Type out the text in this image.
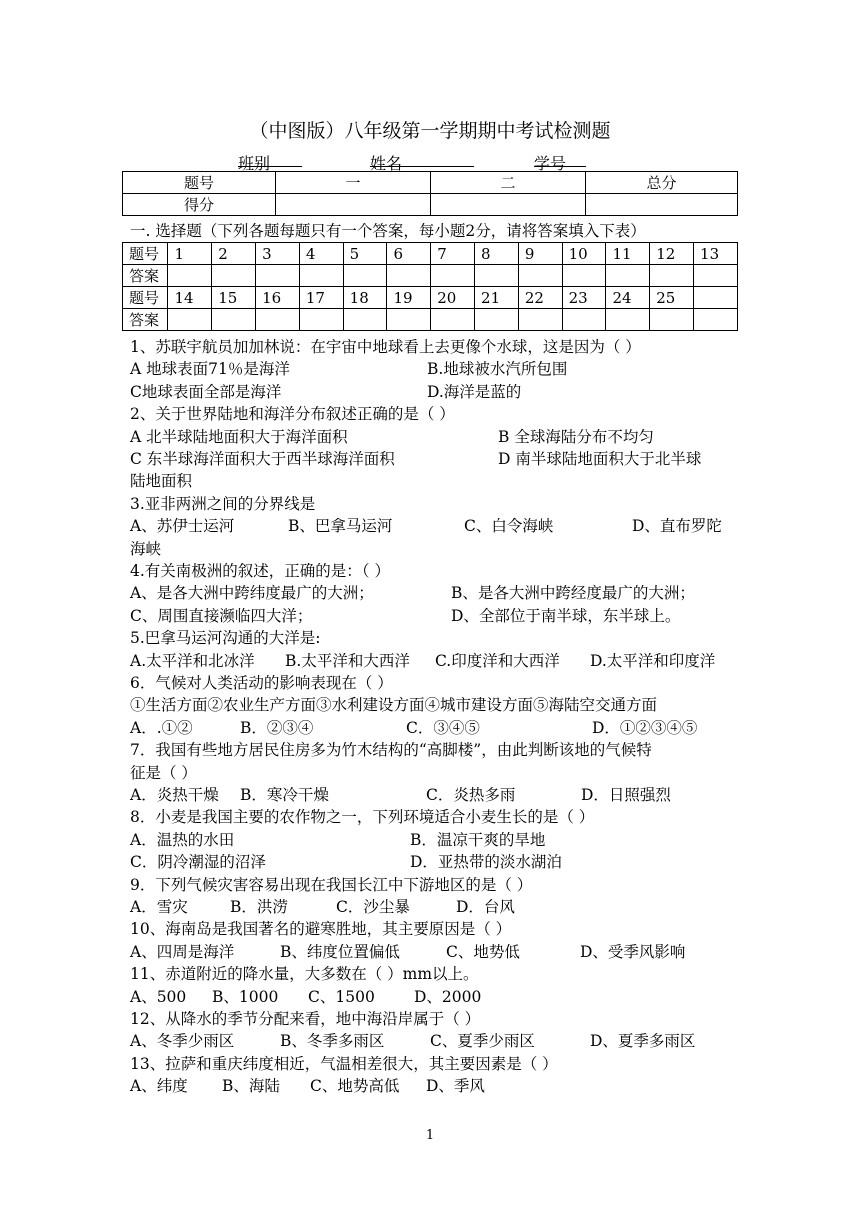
（中图版）八年级第一学期期中考试检测题
班别	姓名	学号
题号	一	二	总分
得分			
一. 选择题（下列各题每题只有一个答案，每小题2分，请将答案填入下表）
题号	1	2	3	4	5	6	7	8	9	10	11	12	13
答案													
题号	14	15	16	17	18	19	20	21	22	23	24	25	
答案													
1、苏联宇航员加加林说：在宇宙中地球看上去更像个水球，这是因为（ ）
A 地球表面71％是海洋	B.地球被水汽所包围
C地球表面全部是海洋	D.海洋是蓝的
2、关于世界陆地和海洋分布叙述正确的是（ ）
A 北半球陆地面积大于海洋面积	B 全球海陆分布不均匀
C 东半球海洋面积大于西半球海洋面积	D 南半球陆地面积大于北半球
陆地面积
3.亚非两洲之间的分界线是
A、苏伊士运河	B、巴拿马运河	C、白令海峡	D、直布罗陀
海峡
4.有关南极洲的叙述，正确的是：（ ）
A、是各大洲中跨纬度最广的大洲；	B、是各大洲中跨经度最广的大洲；
C、周围直接濒临四大洋；	D、全部位于南半球，东半球上。
5.巴拿马运河沟通的大洋是:
A.太平洋和北冰洋 B.太平洋和大西洋 C.印度洋和大西洋 D.太平洋和印度洋
6．气候对人类活动的影响表现在（ ）
①生活方面②农业生产方面③水利建设方面④城市建设方面⑤海陆空交通方面
A．.①②	B．②③④	C．③④⑤	D．①②③④⑤
7．我国有些地方居民住房多为竹木结构的“高脚楼”，由此判断该地的气候特
征是（ ）
A．炎热干燥 B．寒冷干燥	C．炎热多雨	D．日照强烈
8．小麦是我国主要的农作物之一，下列环境适合小麦生长的是（ ）
A．温热的水田	B．温凉干爽的旱地
C．阴冷潮湿的沼泽	D．亚热带的淡水湖泊
9．下列气候灾害容易出现在我国长江中下游地区的是（ ）
A．雪灾	B．洪涝	C．沙尘暴	D．台风
10、海南岛是我国著名的避寒胜地，其主要原因是（ ）
A、四周是海洋	B、纬度位置偏低	C、地势低	D、受季风影响
11、赤道附近的降水量，大多数在（ ）mm以上。
A、500 B、1000 C、1500	D、2000
12、从降水的季节分配来看，地中海沿岸属于（ ）
A、冬季少雨区	B、冬季多雨区	C、夏季少雨区	D、夏季多雨区
13、拉萨和重庆纬度相近，气温相差很大，其主要因素是（ ）
A、纬度 B、海陆 C、地势高低 D、季风
1
